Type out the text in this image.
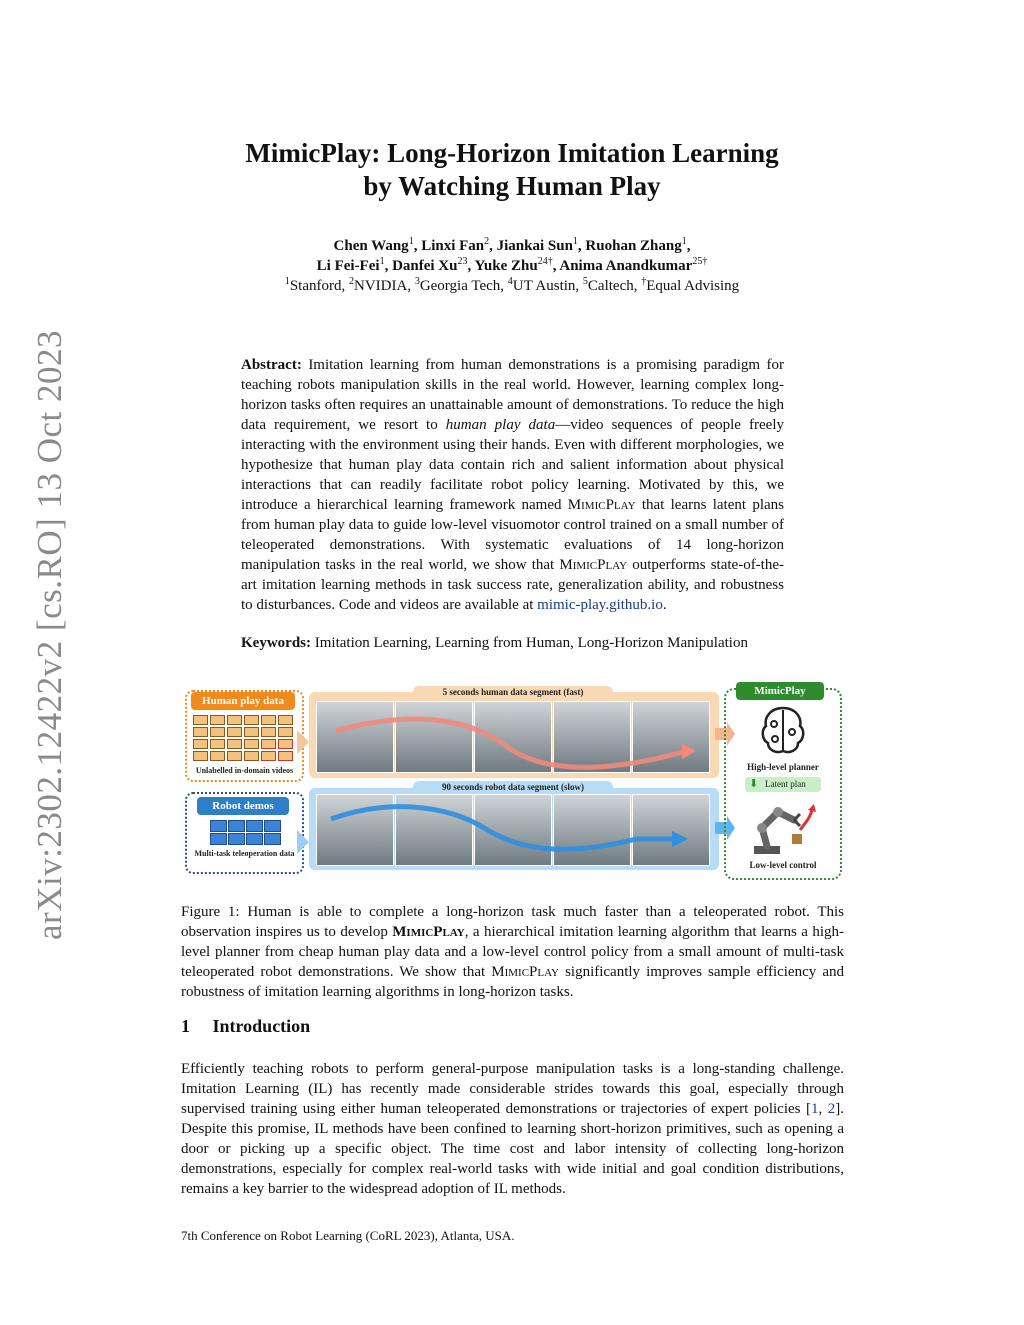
arXiv:2302.12422v2 [cs.RO] 13 Oct 2023
MimicPlay: Long-Horizon Imitation Learning
by Watching Human Play
Chen Wang$^1$, Linxi Fan$^2$, Jiankai Sun$^1$, Ruohan Zhang$^1$,
Li Fei-Fei$^1$, Danfei Xu$^{23}$, Yuke Zhu$^{24\dagger}$, Anima Anandkumar$^{25\dagger}$
$^1$Stanford, $^2$NVIDIA, $^3$Georgia Tech, $^4$UT Austin, $^5$Caltech, †Equal Advising
Abstract: Imitation learning from human demonstrations is a promising paradigm for teaching robots manipulation skills in the real world. However, learning complex long-horizon tasks often requires an unattainable amount of demonstrations. To reduce the high data requirement, we resort to human play data—video sequences of people freely interacting with the environment using their hands. Even with different morphologies, we hypothesize that human play data contain rich and salient information about physical interactions that can readily facilitate robot policy learning. Motivated by this, we introduce a hierarchical learning framework named MimicPlay that learns latent plans from human play data to guide low-level visuomotor control trained on a small number of teleoperated demonstrations. With systematic evaluations of 14 long-horizon manipulation tasks in the real world, we show that MimicPlay outperforms state-of-the-art imitation learning methods in task success rate, generalization ability, and robustness to disturbances. Code and videos are available at mimic-play.github.io.
Keywords: Imitation Learning, Learning from Human, Long-Horizon Manipulation
Human play data
Unlabelled in-domain videos
Robot demos
Multi-task teleoperation data
5 seconds human data segment (fast)
90 seconds robot data segment (slow)
MimicPlay
High-level planner
⬇ Latent plan
Low-level control
Figure 1: Human is able to complete a long-horizon task much faster than a teleoperated robot. This observation inspires us to develop MimicPlay, a hierarchical imitation learning algorithm that learns a high-level planner from cheap human play data and a low-level control policy from a small amount of multi-task teleoperated robot demonstrations. We show that MimicPlay significantly improves sample efficiency and robustness of imitation learning algorithms in long-horizon tasks.
1 Introduction
Efficiently teaching robots to perform general-purpose manipulation tasks is a long-standing challenge. Imitation Learning (IL) has recently made considerable strides towards this goal, especially through supervised training using either human teleoperated demonstrations or trajectories of expert policies [1, 2]. Despite this promise, IL methods have been confined to learning short-horizon primitives, such as opening a door or picking up a specific object. The time cost and labor intensity of collecting long-horizon demonstrations, especially for complex real-world tasks with wide initial and goal condition distributions, remains a key barrier to the widespread adoption of IL methods.
7th Conference on Robot Learning (CoRL 2023), Atlanta, USA.
